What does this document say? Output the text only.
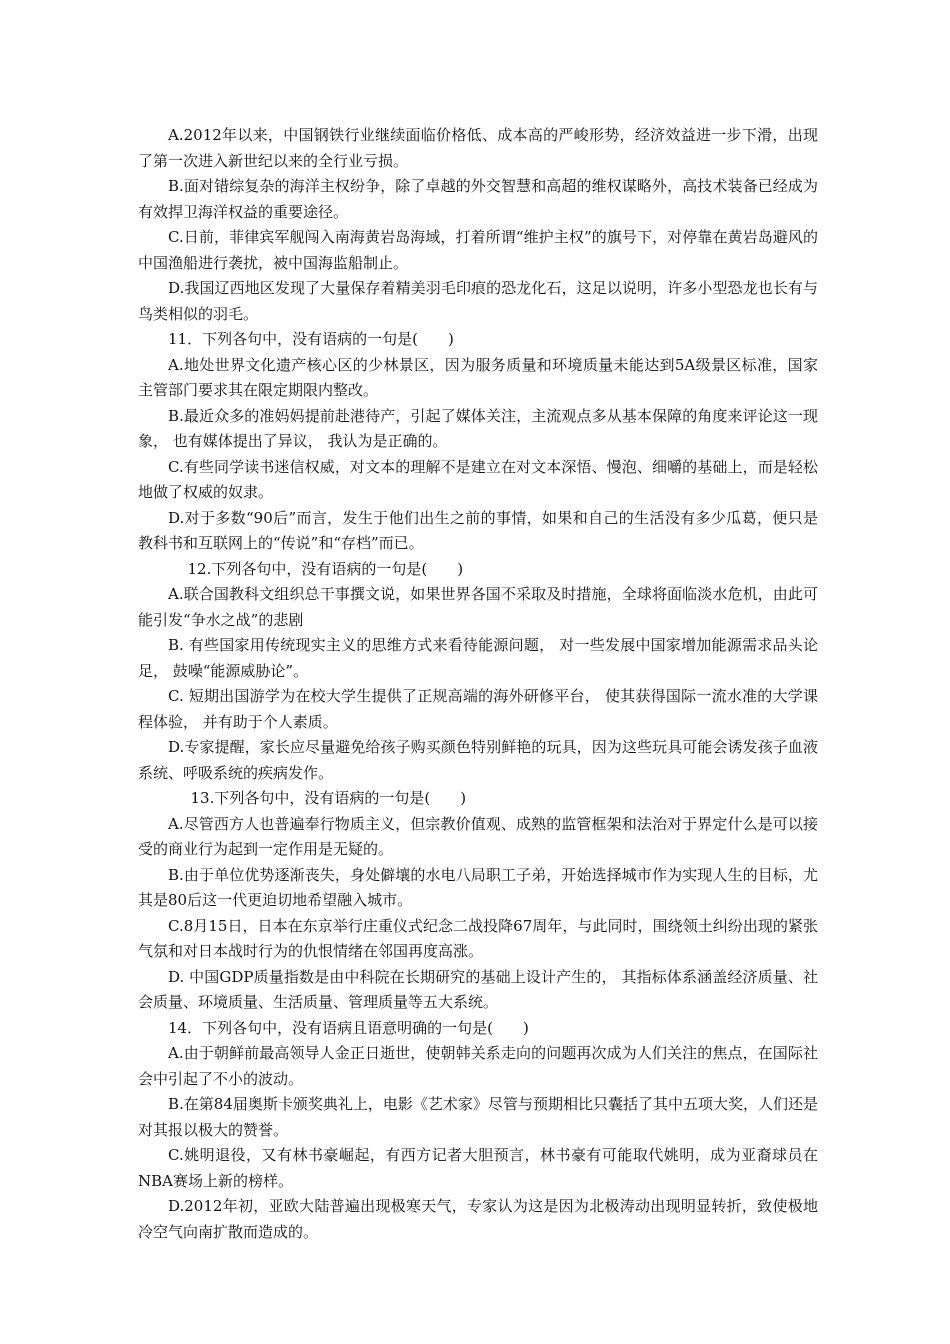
A.2012年以来，中国钢铁行业继续面临价格低、成本高的严峻形势，经济效益进一步下滑，出现了第一次进入新世纪以来的全行业亏损。

B.面对错综复杂的海洋主权纷争，除了卓越的外交智慧和高超的维权谋略外，高技术装备已经成为有效捍卫海洋权益的重要途径。

C.日前，菲律宾军舰闯入南海黄岩岛海域，打着所谓“维护主权”的旗号下，对停靠在黄岩岛避风的中国渔船进行袭扰，被中国海监船制止。

D.我国辽西地区发现了大量保存着精美羽毛印痕的恐龙化石，这足以说明，许多小型恐龙也长有与鸟类相似的羽毛。

11．下列各句中，没有语病的一句是(　　)

A.地处世界文化遗产核心区的少林景区，因为服务质量和环境质量未能达到5A级景区标准，国家主管部门要求其在限定期限内整改。

B.最近众多的准妈妈提前赴港待产，引起了媒体关注，主流观点多从基本保障的角度来评论这一现象， 也有媒体提出了异议， 我认为是正确的。

C.有些同学读书迷信权威，对文本的理解不是建立在对文本深悟、慢泡、细嚼的基础上，而是轻松地做了权威的奴隶。

D.对于多数“90后”而言，发生于他们出生之前的事情，如果和自己的生活没有多少瓜葛，便只是教科书和互联网上的“传说”和“存档”而已。

12.下列各句中，没有语病的一句是(　　)

A.联合国教科文组织总干事撰文说，如果世界各国不采取及时措施，全球将面临淡水危机，由此可能引发“争水之战”的悲剧

B. 有些国家用传统现实主义的思维方式来看待能源问题， 对一些发展中国家增加能源需求品头论足， 鼓噪“能源威胁论”。

C. 短期出国游学为在校大学生提供了正规高端的海外研修平台， 使其获得国际一流水准的大学课程体验， 并有助于个人素质。

D.专家提醒，家长应尽量避免给孩子购买颜色特别鲜艳的玩具，因为这些玩具可能会诱发孩子血液系统、呼吸系统的疾病发作。

13.下列各句中，没有语病的一句是(　　)

A.尽管西方人也普遍奉行物质主义，但宗教价值观、成熟的监管框架和法治对于界定什么是可以接受的商业行为起到一定作用是无疑的。

B.由于单位优势逐渐丧失，身处僻壤的水电八局职工子弟，开始选择城市作为实现人生的目标，尤其是80后这一代更迫切地希望融入城市。

C.8月15日，日本在东京举行庄重仪式纪念二战投降67周年，与此同时，围绕领土纠纷出现的紧张气氛和对日本战时行为的仇恨情绪在邻国再度高涨。

D. 中国GDP质量指数是由中科院在长期研究的基础上设计产生的， 其指标体系涵盖经济质量、社会质量、环境质量、生活质量、管理质量等五大系统。

14．下列各句中，没有语病且语意明确的一句是(　　)

A.由于朝鲜前最高领导人金正日逝世，使朝韩关系走向的问题再次成为人们关注的焦点，在国际社会中引起了不小的波动。

B.在第84届奥斯卡颁奖典礼上，电影《艺术家》尽管与预期相比只囊括了其中五项大奖，人们还是对其报以极大的赞誉。

C.姚明退役，又有林书豪崛起，有西方记者大胆预言，林书豪有可能取代姚明，成为亚裔球员在NBA赛场上新的榜样。

D.2012年初，亚欧大陆普遍出现极寒天气，专家认为这是因为北极涛动出现明显转折，致使极地冷空气向南扩散而造成的。
